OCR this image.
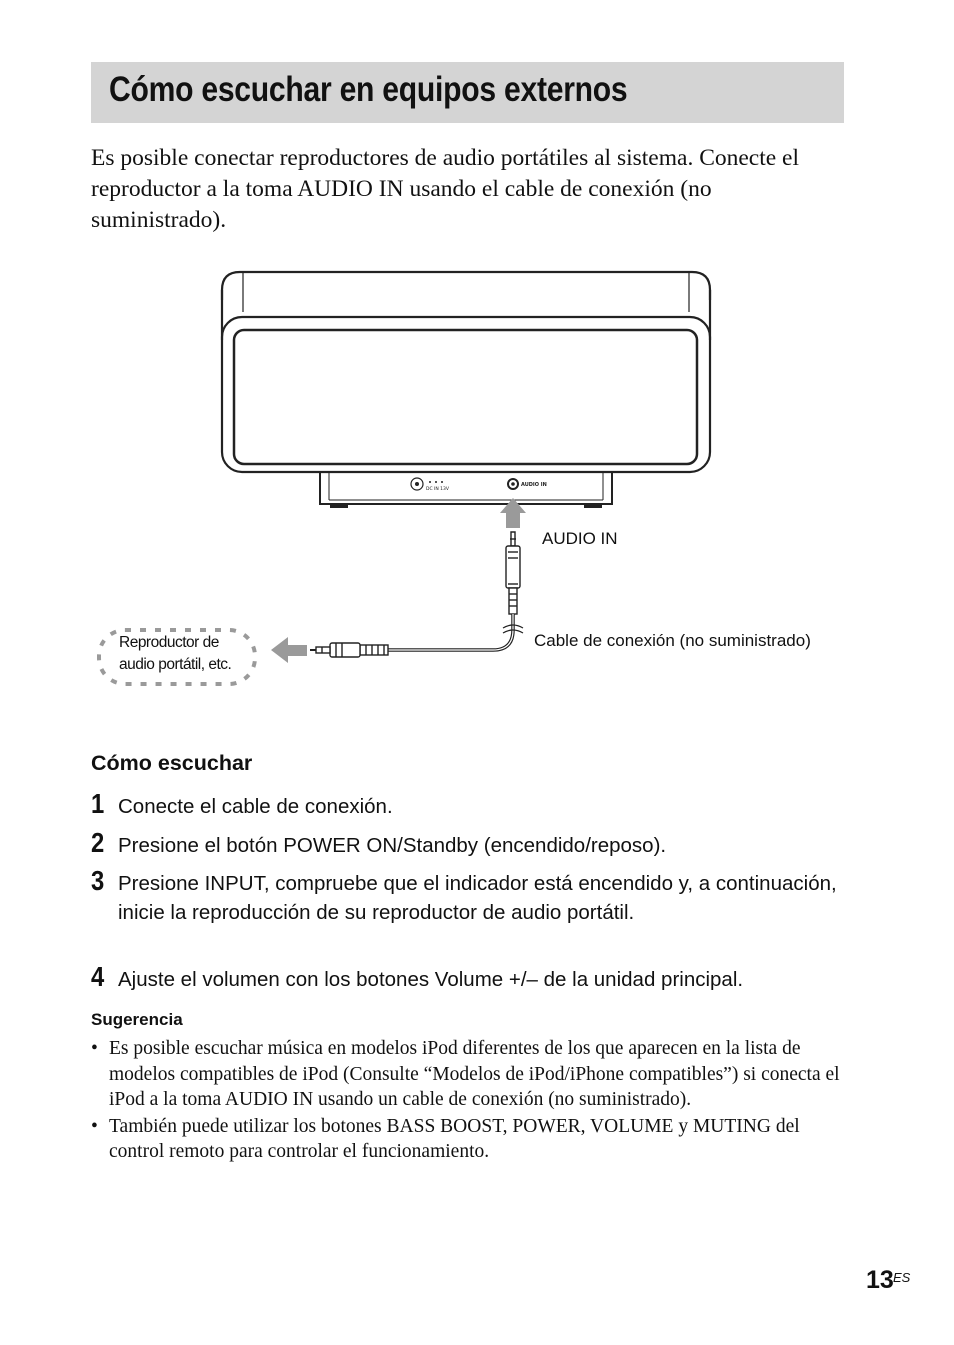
Cómo escuchar en equipos externos

Es posible conectar reproductores de audio portátiles al sistema. Conecte el reproductor a la toma AUDIO IN usando el cable de conexión (no suministrado).

DC IN 13V
AUDIO IN
AUDIO IN
Cable de conexión (no suministrado)
Reproductor de
audio portátil, etc.
Cómo escuchar
1 Conecte el cable de conexión.
2 Presione el botón POWER ON/Standby (encendido/reposo).
3 Presione INPUT, compruebe que el indicador está encendido y, a continuación, inicie la reproducción de su reproductor de audio portátil.
4 Ajuste el volumen con los botones Volume +/– de la unidad principal.
Sugerencia
• Es posible escuchar música en modelos iPod diferentes de los que aparecen en la lista de modelos compatibles de iPod (Consulte “Modelos de iPod/iPhone compatibles”) si conecta el iPod a la toma AUDIO IN usando un cable de conexión (no suministrado).
• También puede utilizar los botones BASS BOOST, POWER, VOLUME y MUTING del control remoto para controlar el funcionamiento.
13 ES
